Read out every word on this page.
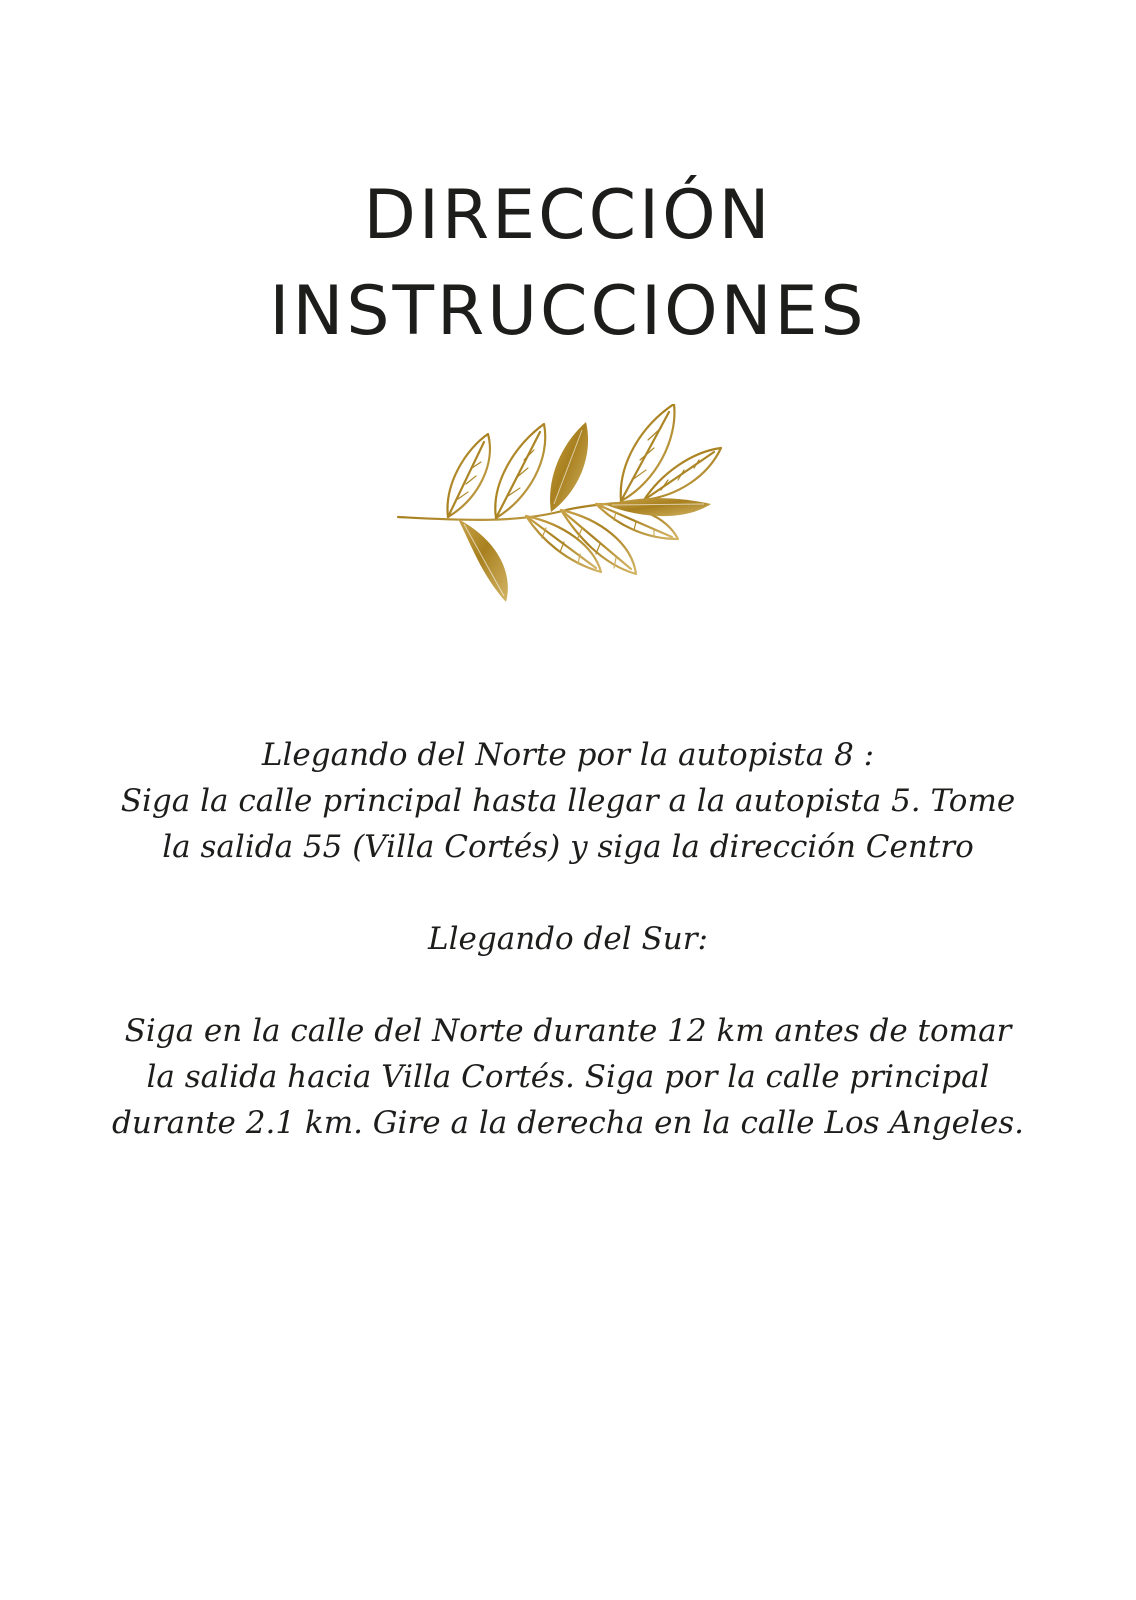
DIRECCIÓN
INSTRUCCIONES

Llegando del Norte por la autopista 8 :
Siga la calle principal hasta llegar a la autopista 5. Tome
la salida 55 (Villa Cortés) y siga la dirección Centro

Llegando del Sur:

Siga en la calle del Norte durante 12 km antes de tomar
la salida hacia Villa Cortés. Siga por la calle principal
durante 2.1 km. Gire a la derecha en la calle Los Angeles.
